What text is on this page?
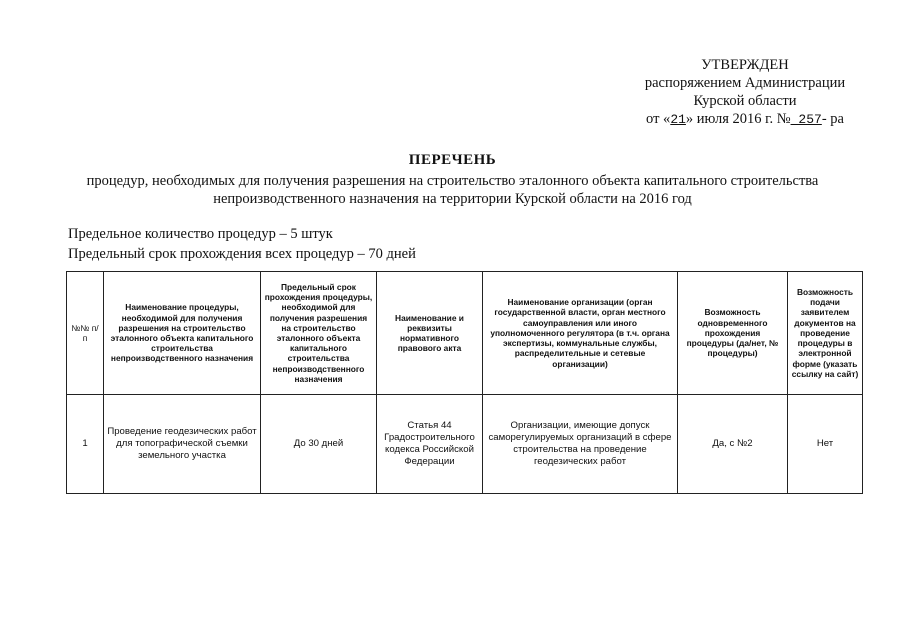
УТВЕРЖДЕН
распоряжением Администрации
Курской области
от «21» июля 2016 г. №_257- ра
ПЕРЕЧЕНЬ
процедур, необходимых для получения разрешения на строительство эталонного объекта капитального строительства
непроизводственного назначения на территории Курской области на 2016 год
Предельное количество процедур – 5 штук
Предельный срок прохождения всех процедур – 70 дней
№№ п/п	Наименование процедуры, необходимой для получения разрешения на строительство эталонного объекта капитального строительства непроизводственного назначения	Предельный срок прохождения процедуры, необходимой для получения разрешения на строительство эталонного объекта капитального строительства непроизводственного назначения	Наименование и реквизиты нормативного правового акта	Наименование организации (орган государственной власти, орган местного самоуправления или иного уполномоченного регулятора (в т.ч. органа экспертизы, коммунальные службы, распределительные и сетевые организации)	Возможность одновременного прохождения процедуры (да/нет, № процедуры)	Возможность подачи заявителем документов на проведение процедуры в электронной форме (указать ссылку на сайт)
1	Проведение геодезических работ для топографической съемки земельного участка	До 30 дней	Статья 44 Градостроительного кодекса Российской Федерации	Организации, имеющие допуск саморегулируемых организаций в сфере строительства на проведение геодезических работ	Да, с №2	Нет
